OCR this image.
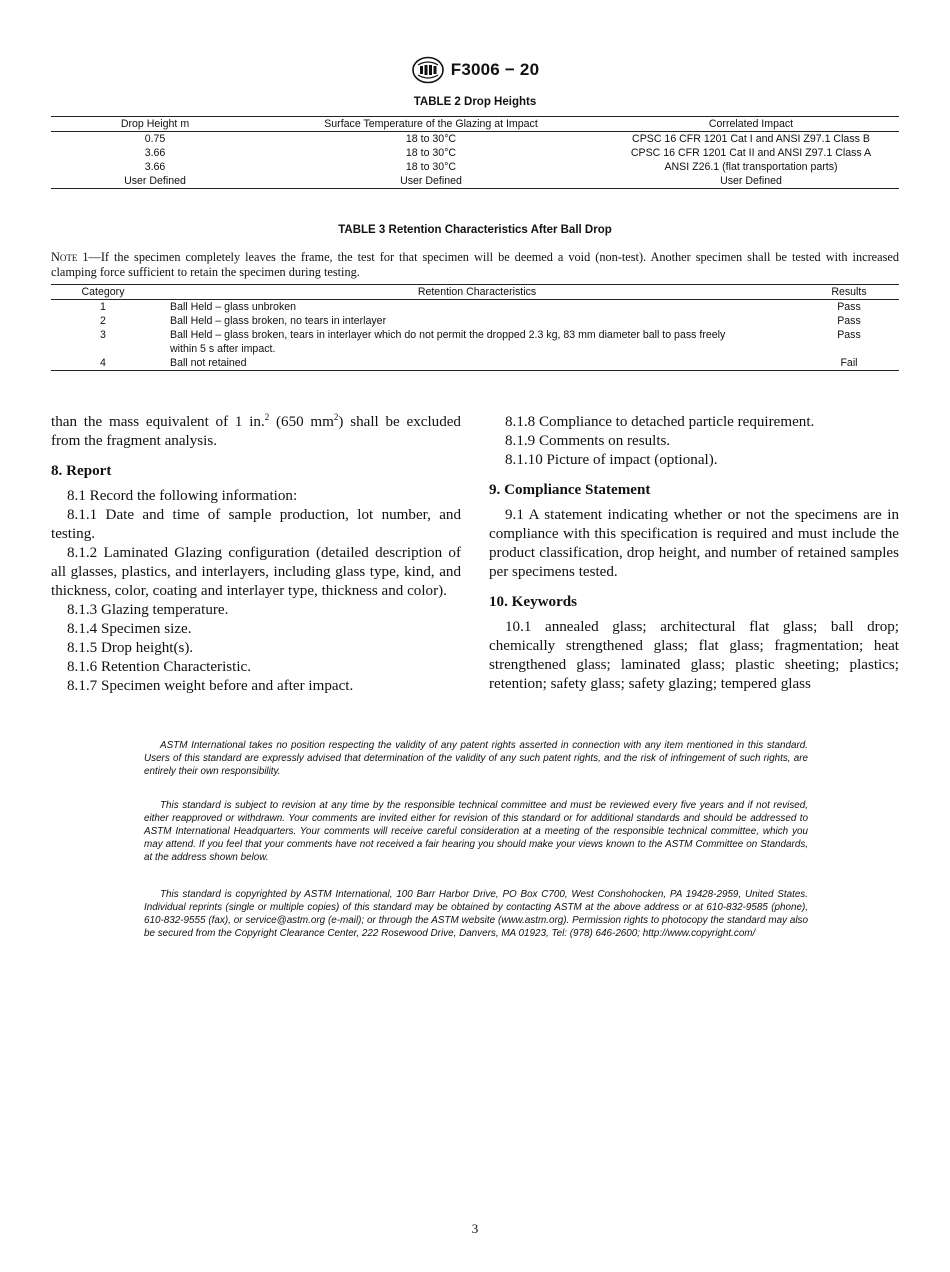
F3006 − 20
TABLE 2 Drop Heights
Drop Height m	Surface Temperature of the Glazing at Impact	Correlated Impact
0.75	18 to 30°C	CPSC 16 CFR 1201 Cat I and ANSI Z97.1 Class B
3.66	18 to 30°C	CPSC 16 CFR 1201 Cat II and ANSI Z97.1 Class A
3.66	18 to 30°C	ANSI Z26.1 (flat transportation parts)
User Defined	User Defined	User Defined
TABLE 3 Retention Characteristics After Ball Drop
Note 1—If the specimen completely leaves the frame, the test for that specimen will be deemed a void (non-test). Another specimen shall be tested with increased clamping force sufficient to retain the specimen during testing.
Category	Retention Characteristics	Results
1	Ball Held – glass unbroken	Pass
2	Ball Held – glass broken, no tears in interlayer	Pass
3	Ball Held – glass broken, tears in interlayer which do not permit the dropped 2.3 kg, 83 mm diameter ball to pass freely within 5 s after impact.	Pass
4	Ball not retained	Fail

than the mass equivalent of 1 in.$^2$ (650 $mm^2$) shall be excluded from the fragment analysis.

8. Report

8.1 Record the following information:

8.1.1 Date and time of sample production, lot number, and testing.

8.1.2 Laminated Glazing configuration (detailed description of all glasses, plastics, and interlayers, including glass type, kind, and thickness, color, coating and interlayer type, thickness and color).

8.1.3 Glazing temperature.

8.1.4 Specimen size.

8.1.5 Drop height(s).

8.1.6 Retention Characteristic.

8.1.7 Specimen weight before and after impact.

8.1.8 Compliance to detached particle requirement.

8.1.9 Comments on results.

8.1.10 Picture of impact (optional).

9. Compliance Statement

9.1 A statement indicating whether or not the specimens are in compliance with this specification is required and must include the product classification, drop height, and number of retained samples per specimens tested.

10. Keywords

10.1 annealed glass; architectural flat glass; ball drop; chemically strengthened glass; flat glass; fragmentation; heat strengthened glass; laminated glass; plastic sheeting; plastics; retention; safety glass; safety glazing; tempered glass

ASTM International takes no position respecting the validity of any patent rights asserted in connection with any item mentioned in this standard. Users of this standard are expressly advised that determination of the validity of any such patent rights, and the risk of infringement of such rights, are entirely their own responsibility.

This standard is subject to revision at any time by the responsible technical committee and must be reviewed every five years and if not revised, either reapproved or withdrawn. Your comments are invited either for revision of this standard or for additional standards and should be addressed to ASTM International Headquarters. Your comments will receive careful consideration at a meeting of the responsible technical committee, which you may attend. If you feel that your comments have not received a fair hearing you should make your views known to the ASTM Committee on Standards, at the address shown below.

This standard is copyrighted by ASTM International, 100 Barr Harbor Drive, PO Box C700, West Conshohocken, PA 19428-2959, United States. Individual reprints (single or multiple copies) of this standard may be obtained by contacting ASTM at the above address or at 610-832-9585 (phone), 610-832-9555 (fax), or service@astm.org (e-mail); or through the ASTM website (www.astm.org). Permission rights to photocopy the standard may also be secured from the Copyright Clearance Center, 222 Rosewood Drive, Danvers, MA 01923, Tel: (978) 646-2600; http://www.copyright.com/

3
